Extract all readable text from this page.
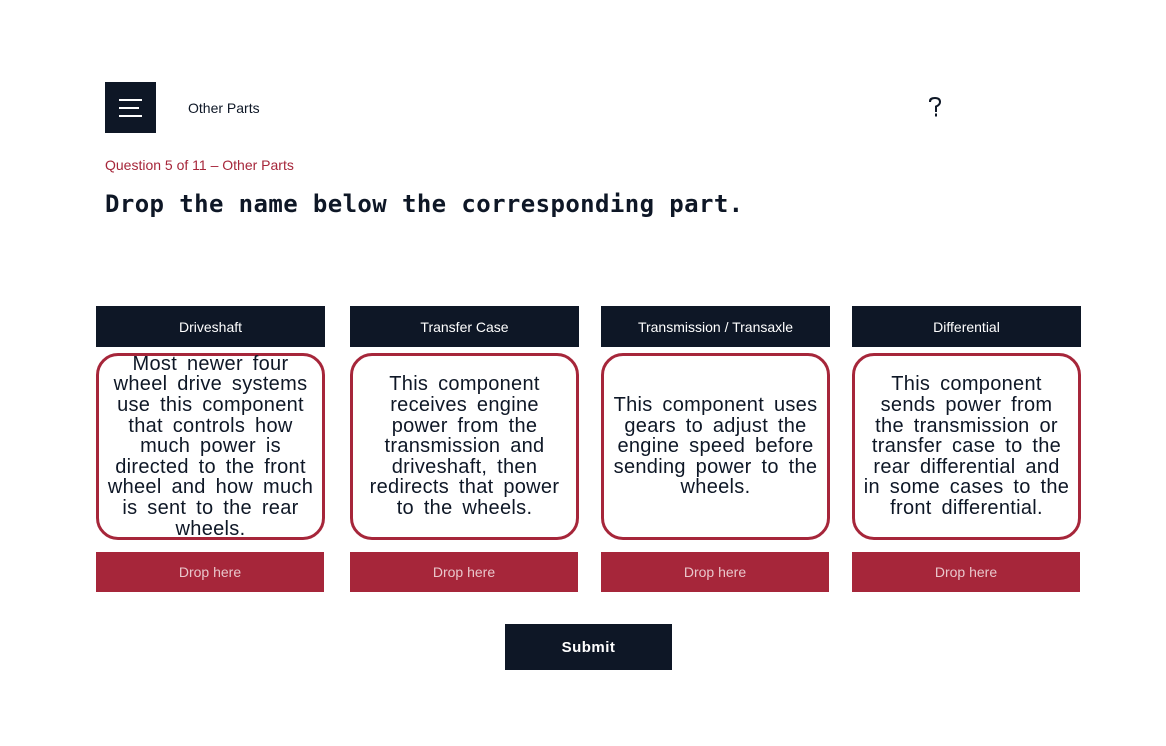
Other Parts
Question 5 of 11 – Other Parts
Drop the name below the corresponding part.
Driveshaft
Most newer four wheel drive systems use this component that controls how much power is directed to the front wheel and how much is sent to the rear wheels.
Drop here
Transfer Case
This component receives engine power from the transmission and driveshaft, then redirects that power to the wheels.
Drop here
Transmission / Transaxle
This component uses gears to adjust the engine speed before sending power to the wheels.
Drop here
Differential
This component sends power from the transmission or transfer case to the rear differential and in some cases to the front differential.
Drop here
Submit
